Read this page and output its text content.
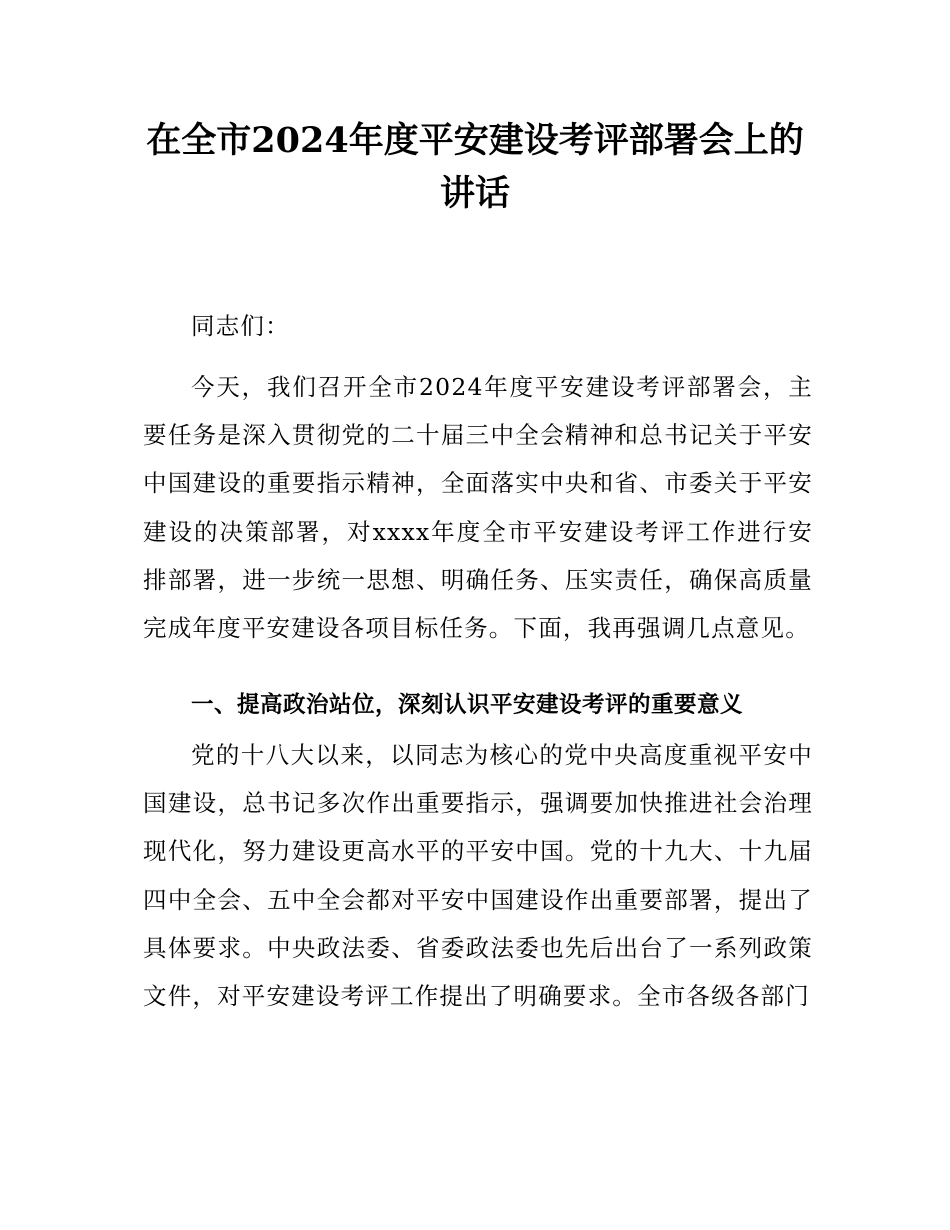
在全市2024年度平安建设考评部署会上的讲话

同志们：

今天，我们召开全市2024年度平安建设考评部署会，主要任务是深入贯彻党的二十届三中全会精神和总书记关于平安中国建设的重要指示精神，全面落实中央和省、市委关于平安建设的决策部署，对xxxx年度全市平安建设考评工作进行安排部署，进一步统一思想、明确任务、压实责任，确保高质量完成年度平安建设各项目标任务。下面，我再强调几点意见。

一、提高政治站位，深刻认识平安建设考评的重要意义

党的十八大以来，以同志为核心的党中央高度重视平安中国建设，总书记多次作出重要指示，强调要加快推进社会治理现代化，努力建设更高水平的平安中国。党的十九大、十九届四中全会、五中全会都对平安中国建设作出重要部署，提出了具体要求。中央政法委、省委政法委也先后出台了一系列政策文件，对平安建设考评工作提出了明确要求。全市各级各部门
